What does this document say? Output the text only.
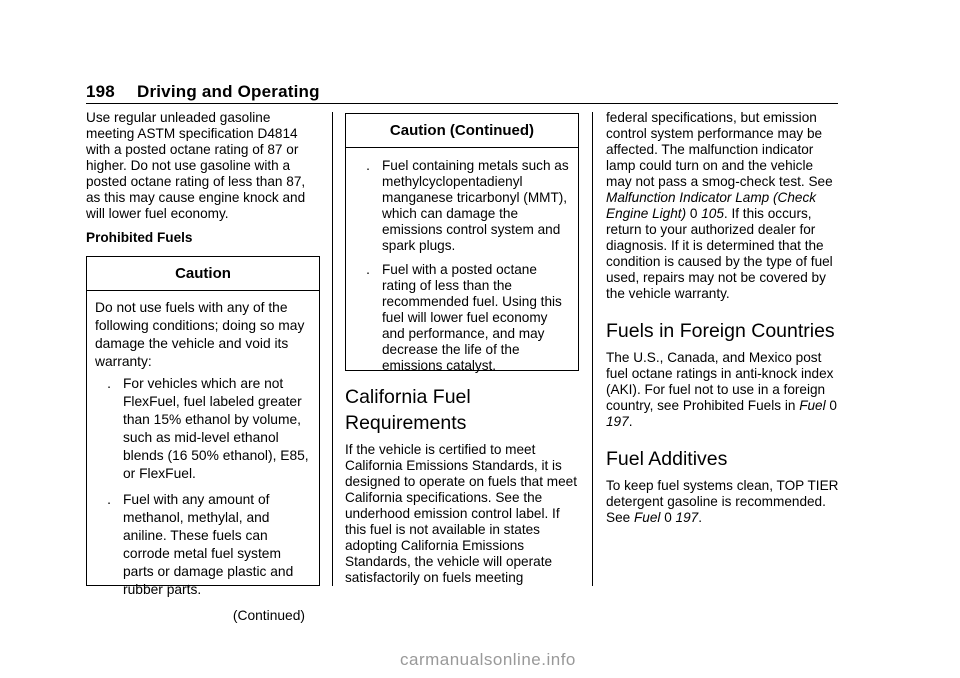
198 Driving and Operating

Use regular unleaded gasoline meeting ASTM specification D4814 with a posted octane rating of 87 or higher. Do not use gasoline with a posted octane rating of less than 87, as this may cause engine knock and will lower fuel economy.

Prohibited Fuels

Caution

Do not use fuels with any of the following conditions; doing so may damage the vehicle and void its warranty:

. For vehicles which are not FlexFuel, fuel labeled greater than 15% ethanol by volume, such as mid-level ethanol blends (16 50% ethanol), E85, or FlexFuel.
. Fuel with any amount of methanol, methylal, and aniline. These fuels can corrode metal fuel system parts or damage plastic and rubber parts.
(Continued)
Caution (Continued)
. Fuel containing metals such as methylcyclopentadienyl manganese tricarbonyl (MMT), which can damage the emissions control system and spark plugs.
. Fuel with a posted octane rating of less than the recommended fuel. Using this fuel will lower fuel economy and performance, and may decrease the life of the emissions catalyst.

California Fuel Requirements

If the vehicle is certified to meet California Emissions Standards, it is designed to operate on fuels that meet California specifications. See the underhood emission control label. If this fuel is not available in states adopting California Emissions Standards, the vehicle will operate satisfactorily on fuels meeting

federal specifications, but emission control system performance may be affected. The malfunction indicator lamp could turn on and the vehicle may not pass a smog-check test. See Malfunction Indicator Lamp (Check Engine Light) 0 105. If this occurs, return to your authorized dealer for diagnosis. If it is determined that the condition is caused by the type of fuel used, repairs may not be covered by the vehicle warranty.

Fuels in Foreign Countries

The U.S., Canada, and Mexico post fuel octane ratings in anti-knock index (AKI). For fuel not to use in a foreign country, see Prohibited Fuels in Fuel 0 197.

Fuel Additives

To keep fuel systems clean, TOP TIER detergent gasoline is recommended. See Fuel 0 197.

carmanualsonline.info
